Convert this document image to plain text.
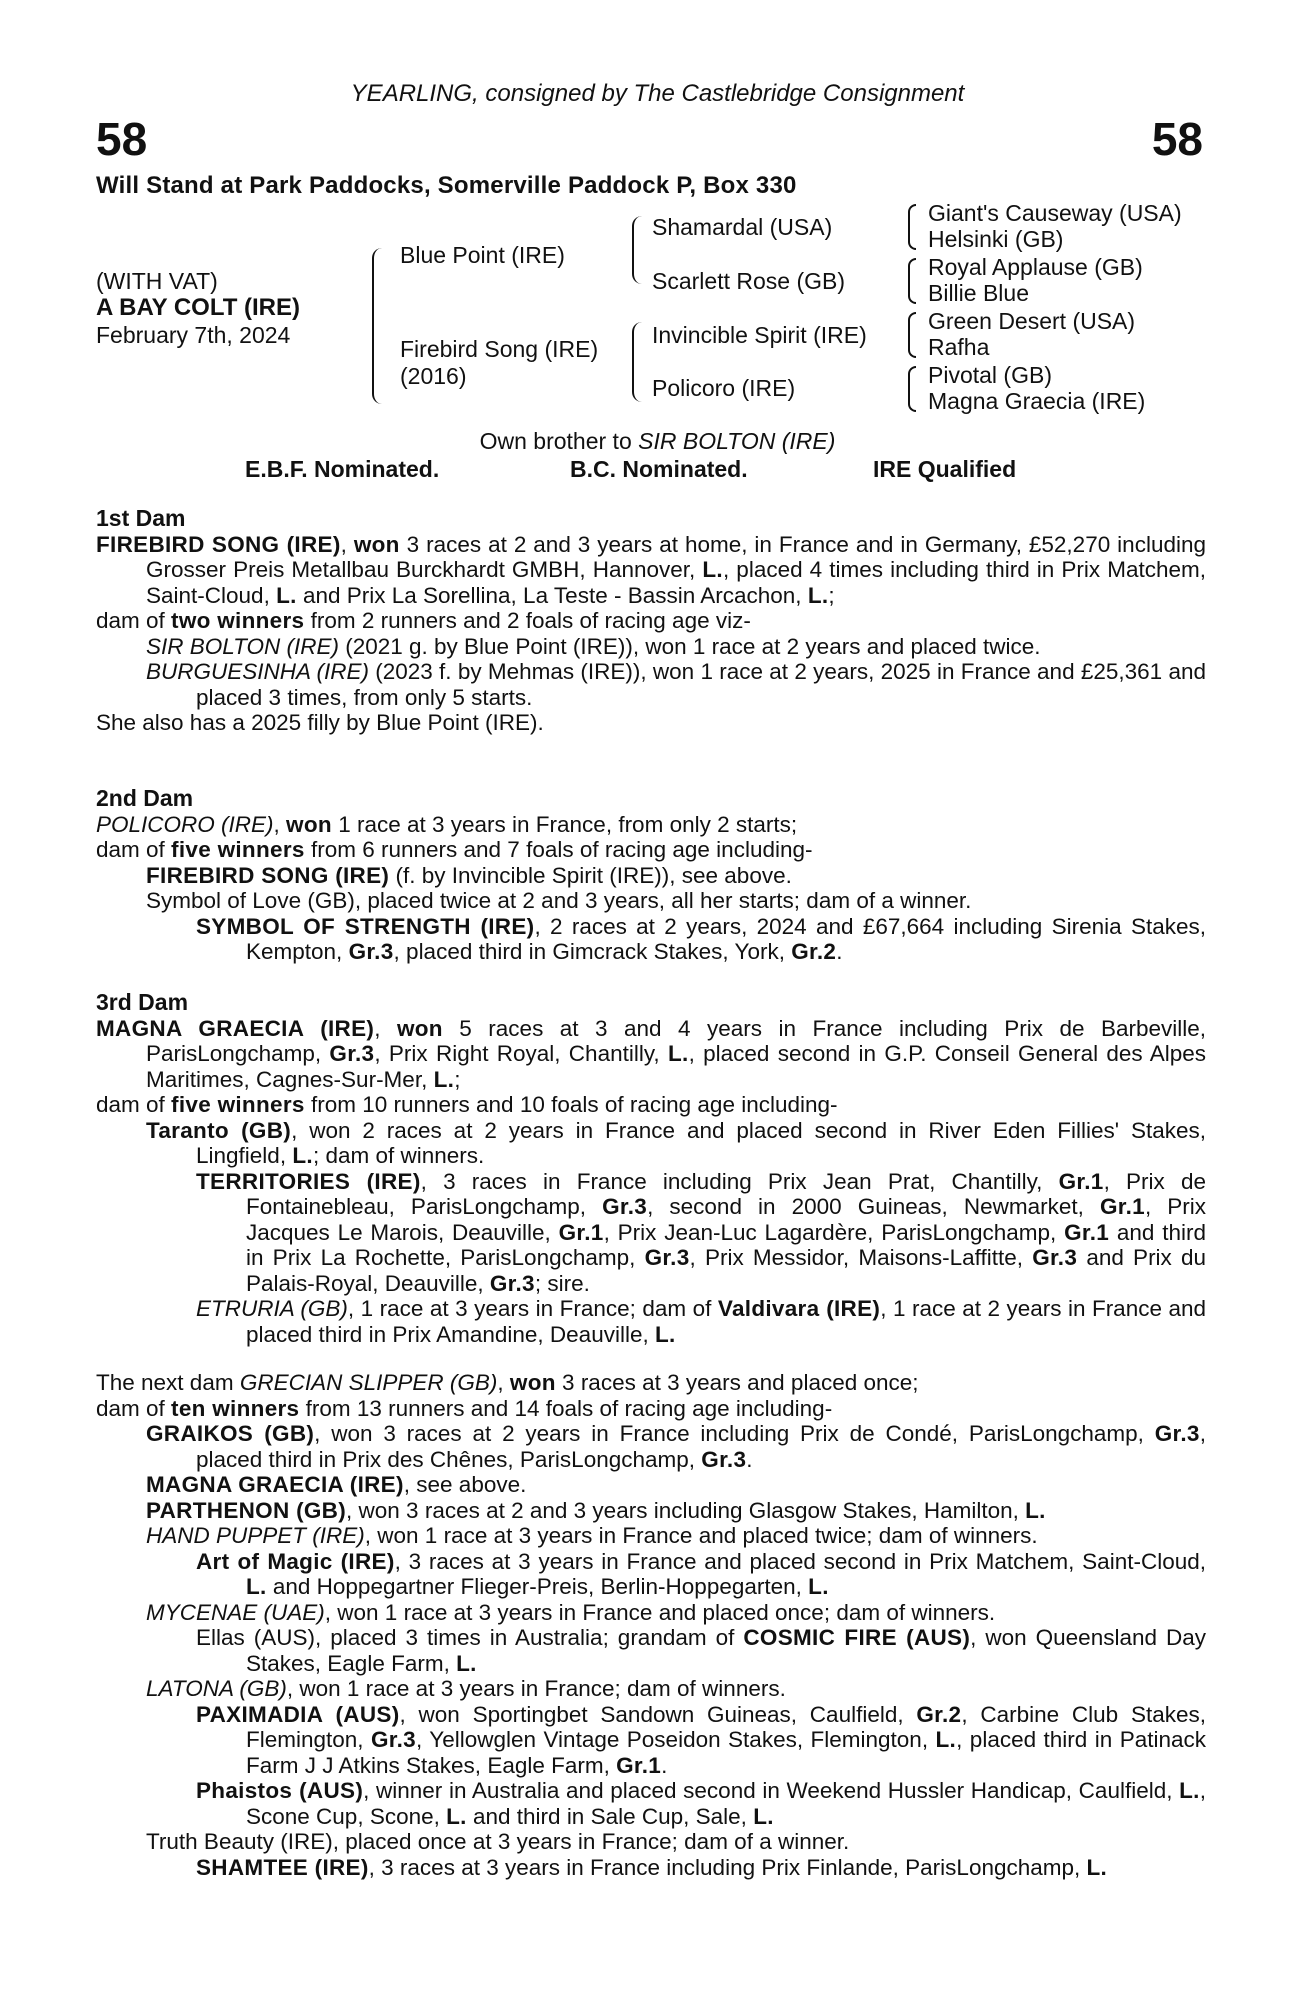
YEARLING, consigned by The Castlebridge Consignment
58	58
Will Stand at Park Paddocks, Somerville Paddock P, Box 330
(WITH VAT)
A BAY COLT (IRE)
February 7th, 2024
Blue Point (IRE)
Firebird Song (IRE)
(2016)
Shamardal (USA)
Scarlett Rose (GB)
Invincible Spirit (IRE)
Policoro (IRE)
Giant's Causeway (USA)
Helsinki (GB)
Royal Applause (GB)
Billie Blue
Green Desert (USA)
Rafha
Pivotal (GB)
Magna Graecia (IRE)
Own brother to SIR BOLTON (IRE)
E.B.F. Nominated.	B.C. Nominated.	IRE Qualified

1st Dam

FIREBIRD SONG (IRE), won 3 races at 2 and 3 years at home, in France and in Germany, £52,270 including Grosser Preis Metallbau Burckhardt GMBH, Hannover, L., placed 4 times including third in Prix Matchem, Saint-Cloud, L. and Prix La Sorellina, La Teste - Bassin Arcachon, L.;

dam of two winners from 2 runners and 2 foals of racing age viz-

SIR BOLTON (IRE) (2021 g. by Blue Point (IRE)), won 1 race at 2 years and placed twice.

BURGUESINHA (IRE) (2023 f. by Mehmas (IRE)), won 1 race at 2 years, 2025 in France and £25,361 and placed 3 times, from only 5 starts.

She also has a 2025 filly by Blue Point (IRE).

2nd Dam

POLICORO (IRE), won 1 race at 3 years in France, from only 2 starts;

dam of five winners from 6 runners and 7 foals of racing age including-

FIREBIRD SONG (IRE) (f. by Invincible Spirit (IRE)), see above.

Symbol of Love (GB), placed twice at 2 and 3 years, all her starts; dam of a winner.

SYMBOL OF STRENGTH (IRE), 2 races at 2 years, 2024 and £67,664 including Sirenia Stakes, Kempton, Gr.3, placed third in Gimcrack Stakes, York, Gr.2.

3rd Dam

MAGNA GRAECIA (IRE), won 5 races at 3 and 4 years in France including Prix de Barbeville, ParisLongchamp, Gr.3, Prix Right Royal, Chantilly, L., placed second in G.P. Conseil General des Alpes Maritimes, Cagnes-Sur-Mer, L.;

dam of five winners from 10 runners and 10 foals of racing age including-

Taranto (GB), won 2 races at 2 years in France and placed second in River Eden Fillies' Stakes, Lingfield, L.; dam of winners.

TERRITORIES (IRE), 3 races in France including Prix Jean Prat, Chantilly, Gr.1, Prix de Fontainebleau, ParisLongchamp, Gr.3, second in 2000 Guineas, Newmarket, Gr.1, Prix Jacques Le Marois, Deauville, Gr.1, Prix Jean-Luc Lagardère, ParisLongchamp, Gr.1 and third in Prix La Rochette, ParisLongchamp, Gr.3, Prix Messidor, Maisons-Laffitte, Gr.3 and Prix du Palais-Royal, Deauville, Gr.3; sire.

ETRURIA (GB), 1 race at 3 years in France; dam of Valdivara (IRE), 1 race at 2 years in France and placed third in Prix Amandine, Deauville, L.

The next dam GRECIAN SLIPPER (GB), won 3 races at 3 years and placed once;

dam of ten winners from 13 runners and 14 foals of racing age including-

GRAIKOS (GB), won 3 races at 2 years in France including Prix de Condé, ParisLongchamp, Gr.3, placed third in Prix des Chênes, ParisLongchamp, Gr.3.

MAGNA GRAECIA (IRE), see above.

PARTHENON (GB), won 3 races at 2 and 3 years including Glasgow Stakes, Hamilton, L.

HAND PUPPET (IRE), won 1 race at 3 years in France and placed twice; dam of winners.

Art of Magic (IRE), 3 races at 3 years in France and placed second in Prix Matchem, Saint-Cloud, L. and Hoppegartner Flieger-Preis, Berlin-Hoppegarten, L.

MYCENAE (UAE), won 1 race at 3 years in France and placed once; dam of winners.

Ellas (AUS), placed 3 times in Australia; grandam of COSMIC FIRE (AUS), won Queensland Day Stakes, Eagle Farm, L.

LATONA (GB), won 1 race at 3 years in France; dam of winners.

PAXIMADIA (AUS), won Sportingbet Sandown Guineas, Caulfield, Gr.2, Carbine Club Stakes, Flemington, Gr.3, Yellowglen Vintage Poseidon Stakes, Flemington, L., placed third in Patinack Farm J J Atkins Stakes, Eagle Farm, Gr.1.

Phaistos (AUS), winner in Australia and placed second in Weekend Hussler Handicap, Caulfield, L., Scone Cup, Scone, L. and third in Sale Cup, Sale, L.

Truth Beauty (IRE), placed once at 3 years in France; dam of a winner.

SHAMTEE (IRE), 3 races at 3 years in France including Prix Finlande, ParisLongchamp, L.
